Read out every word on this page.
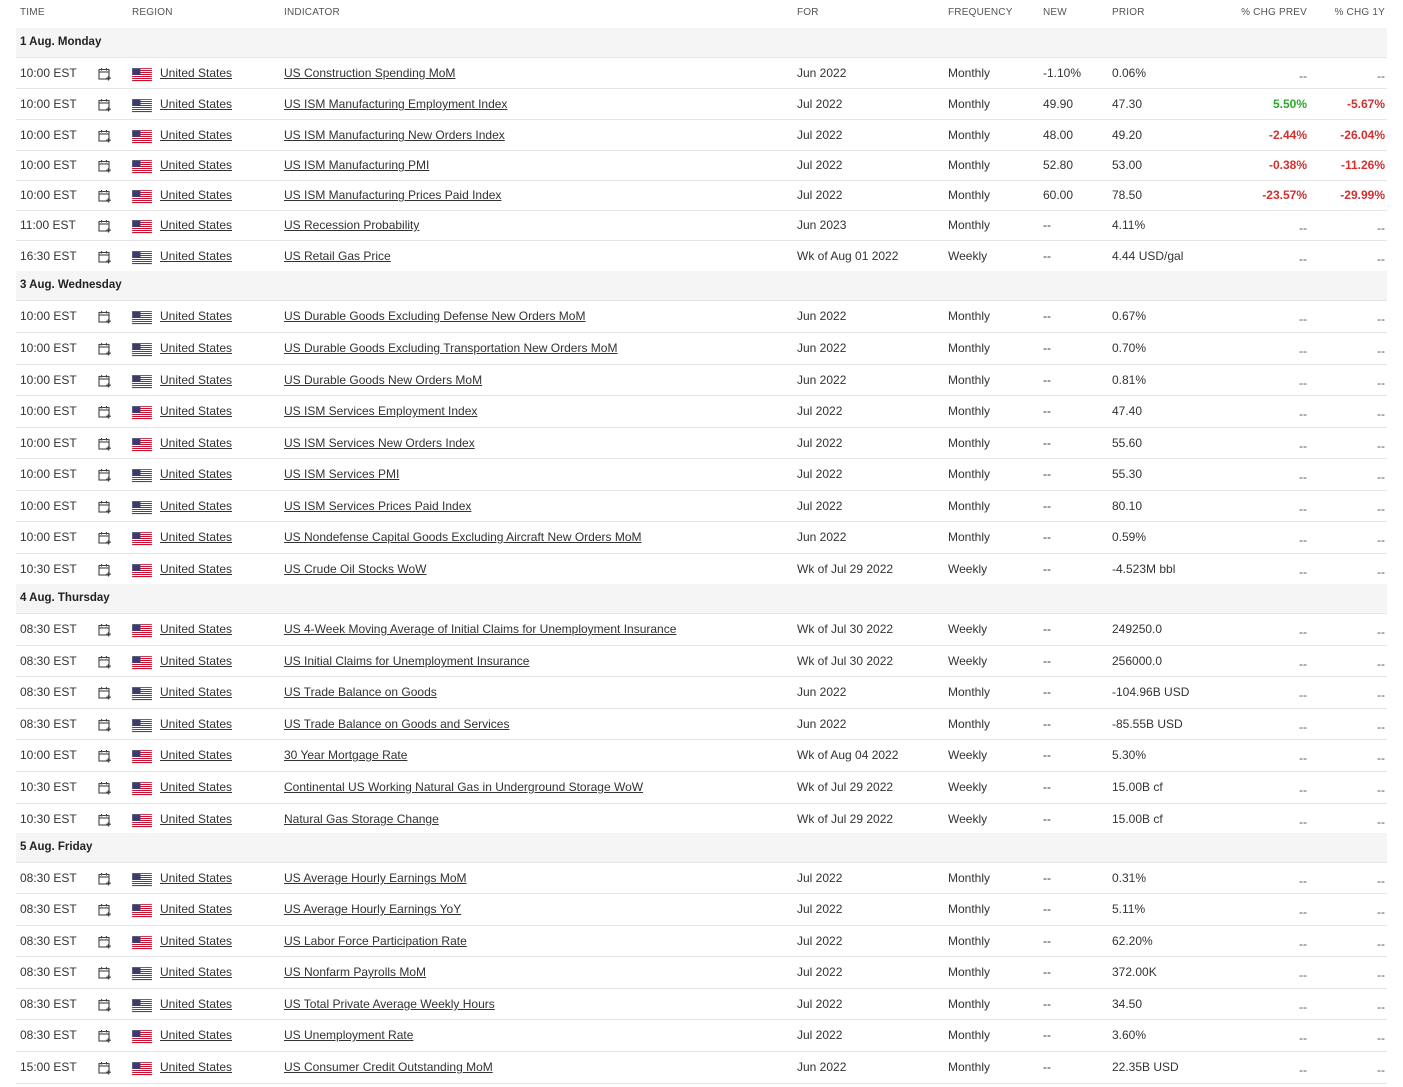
TIME	REGION	INDICATOR	FOR	FREQUENCY	NEW	PRIOR	% CHG PREV	% CHG 1Y
1 Aug. Monday
10:00 EST	United States	US Construction Spending MoM	Jun 2022	Monthly	-1.10%	0.06%	--	--
10:00 EST	United States	US ISM Manufacturing Employment Index	Jul 2022	Monthly	49.90	47.30	5.50%	-5.67%
10:00 EST	United States	US ISM Manufacturing New Orders Index	Jul 2022	Monthly	48.00	49.20	-2.44%	-26.04%
10:00 EST	United States	US ISM Manufacturing PMI	Jul 2022	Monthly	52.80	53.00	-0.38%	-11.26%
10:00 EST	United States	US ISM Manufacturing Prices Paid Index	Jul 2022	Monthly	60.00	78.50	-23.57%	-29.99%
11:00 EST	United States	US Recession Probability	Jun 2023	Monthly	--	4.11%	--	--
16:30 EST	United States	US Retail Gas Price	Wk of Aug 01 2022	Weekly	--	4.44 USD/gal	--	--
3 Aug. Wednesday
10:00 EST	United States	US Durable Goods Excluding Defense New Orders MoM	Jun 2022	Monthly	--	0.67%	--	--
10:00 EST	United States	US Durable Goods Excluding Transportation New Orders MoM	Jun 2022	Monthly	--	0.70%	--	--
10:00 EST	United States	US Durable Goods New Orders MoM	Jun 2022	Monthly	--	0.81%	--	--
10:00 EST	United States	US ISM Services Employment Index	Jul 2022	Monthly	--	47.40	--	--
10:00 EST	United States	US ISM Services New Orders Index	Jul 2022	Monthly	--	55.60	--	--
10:00 EST	United States	US ISM Services PMI	Jul 2022	Monthly	--	55.30	--	--
10:00 EST	United States	US ISM Services Prices Paid Index	Jul 2022	Monthly	--	80.10	--	--
10:00 EST	United States	US Nondefense Capital Goods Excluding Aircraft New Orders MoM	Jun 2022	Monthly	--	0.59%	--	--
10:30 EST	United States	US Crude Oil Stocks WoW	Wk of Jul 29 2022	Weekly	--	-4.523M bbl	--	--
4 Aug. Thursday
08:30 EST	United States	US 4-Week Moving Average of Initial Claims for Unemployment Insurance	Wk of Jul 30 2022	Weekly	--	249250.0	--	--
08:30 EST	United States	US Initial Claims for Unemployment Insurance	Wk of Jul 30 2022	Weekly	--	256000.0	--	--
08:30 EST	United States	US Trade Balance on Goods	Jun 2022	Monthly	--	-104.96B USD	--	--
08:30 EST	United States	US Trade Balance on Goods and Services	Jun 2022	Monthly	--	-85.55B USD	--	--
10:00 EST	United States	30 Year Mortgage Rate	Wk of Aug 04 2022	Weekly	--	5.30%	--	--
10:30 EST	United States	Continental US Working Natural Gas in Underground Storage WoW	Wk of Jul 29 2022	Weekly	--	15.00B cf	--	--
10:30 EST	United States	Natural Gas Storage Change	Wk of Jul 29 2022	Weekly	--	15.00B cf	--	--
5 Aug. Friday
08:30 EST	United States	US Average Hourly Earnings MoM	Jul 2022	Monthly	--	0.31%	--	--
08:30 EST	United States	US Average Hourly Earnings YoY	Jul 2022	Monthly	--	5.11%	--	--
08:30 EST	United States	US Labor Force Participation Rate	Jul 2022	Monthly	--	62.20%	--	--
08:30 EST	United States	US Nonfarm Payrolls MoM	Jul 2022	Monthly	--	372.00K	--	--
08:30 EST	United States	US Total Private Average Weekly Hours	Jul 2022	Monthly	--	34.50	--	--
08:30 EST	United States	US Unemployment Rate	Jul 2022	Monthly	--	3.60%	--	--
15:00 EST	United States	US Consumer Credit Outstanding MoM	Jun 2022	Monthly	--	22.35B USD	--	--
